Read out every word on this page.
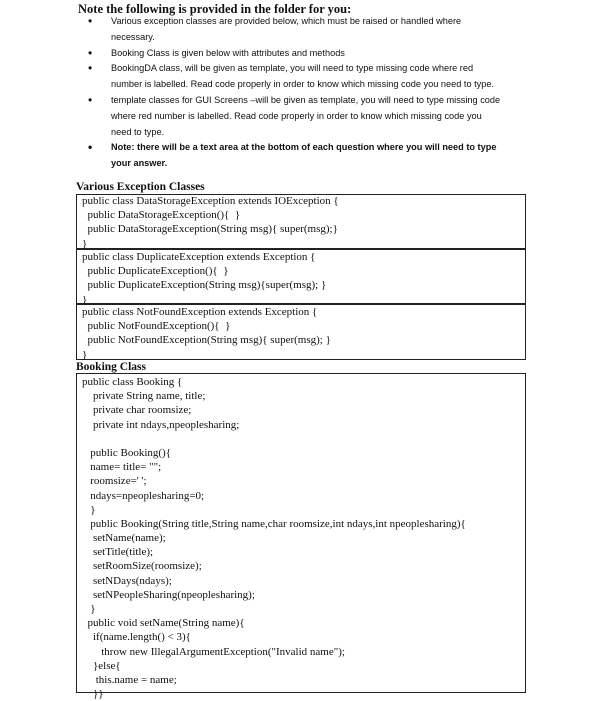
Note the following is provided in the folder for you:
• Various exception classes are provided below, which must be raised or handled where
necessary.
• Booking Class is given below with attributes and methods
• BookingDA class, will be given as template, you will need to type missing code where red
number is labelled. Read code properly in order to know which missing code you need to type.
• template classes for GUI Screens –will be given as template, you will need to type missing code
where red number is labelled. Read code properly in order to know which missing code you
need to type.
• Note: there will be a text area at the bottom of each question where you will need to type
your answer.
Various Exception Classes
public class DataStorageException extends IOException {
public DataStorageException(){  }
public DataStorageException(String msg){ super(msg);}
}
public class DuplicateException extends Exception {
public DuplicateException(){  }
public DuplicateException(String msg){super(msg); }
}
public class NotFoundException extends Exception {
public NotFoundException(){  }
public NotFoundException(String msg){ super(msg); }
}
Booking Class
public class Booking {
private String name, title;
private char roomsize;
private int ndays,npeoplesharing;
public Booking(){
name= title= "";
roomsize=' ';
ndays=npeoplesharing=0;
}
public Booking(String title,String name,char roomsize,int ndays,int npeoplesharing){
setName(name);
setTitle(title);
setRoomSize(roomsize);
setNDays(ndays);
setNPeopleSharing(npeoplesharing);
}
public void setName(String name){
if(name.length() < 3){
throw new IllegalArgumentException("Invalid name");
}else{
this.name = name;
}}
